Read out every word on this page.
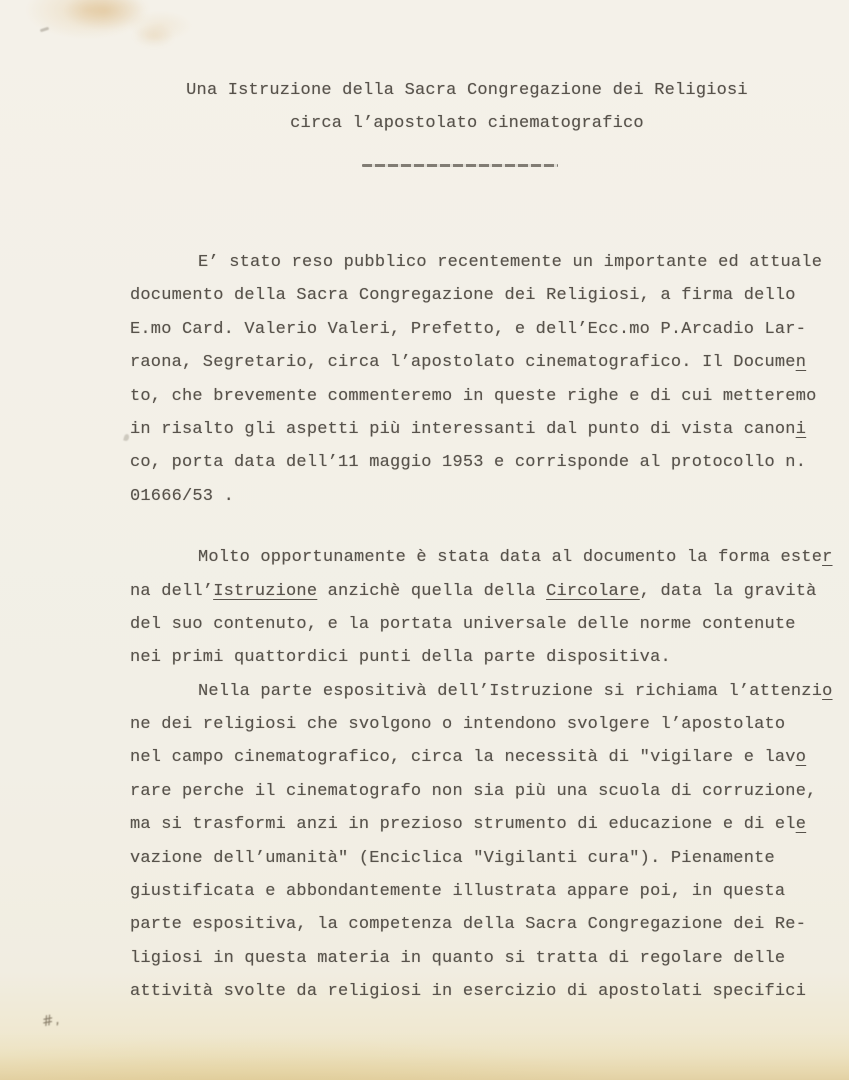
Una Istruzione della Sacra Congregazione dei Religiosi
circa l’apostolato cinematografico
E’ stato reso pubblico recentemente un importante ed attuale
documento della Sacra Congregazione dei Religiosi, a firma dello
E.mo Card. Valerio Valeri, Prefetto, e dell’Ecc.mo P.Arcadio Lar-
raona, Segretario, circa l’apostolato cinematografico. Il Documen
to, che brevemente commenteremo in queste righe e di cui metteremo
in risalto gli aspetti più interessanti dal punto di vista canoni
co, porta data dell’11 maggio 1953 e corrisponde al protocollo n.
01666/53 .
Molto opportunamente è stata data al documento la forma ester
na dell’Istruzione anzichè quella della Circolare, data la gravità
del suo contenuto, e la portata universale delle norme contenute
nei primi quattordici punti della parte dispositiva.
Nella parte espositivà dell’Istruzione si richiama l’attenzio
ne dei religiosi che svolgono o intendono svolgere l’apostolato
nel campo cinematografico, circa la necessità di "vigilare e lavo
rare perche il cinematografo non sia più una scuola di corruzione,
ma si trasformi anzi in prezioso strumento di educazione e di ele
vazione dell’umanità" (Enciclica "Vigilanti cura"). Pienamente
giustificata e abbondantemente illustrata appare poi, in questa
parte espositiva, la competenza della Sacra Congregazione dei Re-
ligiosi in questa materia in quanto si tratta di regolare delle
attività svolte da religiosi in esercizio di apostolati specifici
#,
